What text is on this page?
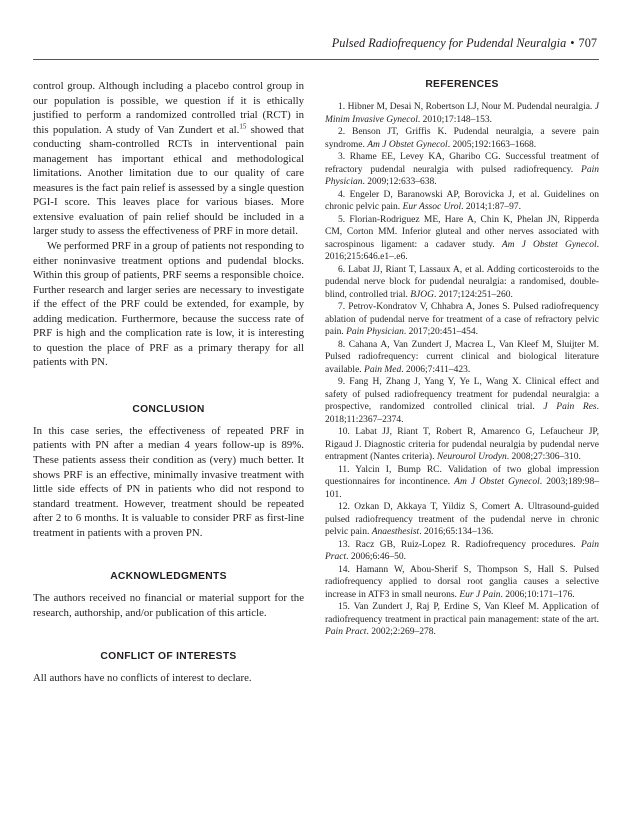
Pulsed Radiofrequency for Pudendal Neuralgia • 707

control group. Although including a placebo control group in our population is possible, we question if it is ethically justified to perform a randomized controlled trial (RCT) in this population. A study of Van Zundert et al.$^{15}$ showed that conducting sham-controlled RCTs in interventional pain management has important ethical and methodological limitations. Another limitation due to our quality of care measures is the fact pain relief is assessed by a single question PGI-I score. This leaves place for various biases. More extensive evaluation of pain relief should be included in a larger study to assess the effectiveness of PRF in more detail.

We performed PRF in a group of patients not responding to either noninvasive treatment options and pudendal blocks. Within this group of patients, PRF seems a responsible choice. Further research and larger series are necessary to investigate if the effect of the PRF could be extended, for example, by adding medication. Furthermore, because the success rate of PRF is high and the complication rate is low, it is interesting to question the place of PRF as a primary therapy for all patients with PN.

CONCLUSION

In this case series, the effectiveness of repeated PRF in patients with PN after a median 4 years follow-up is 89%. These patients assess their condition as (very) much better. It shows PRF is an effective, minimally invasive treatment with little side effects of PN in patients who did not respond to standard treatment. However, treatment should be repeated after 2 to 6 months. It is valuable to consider PRF as first-line treatment in patients with a proven PN.

ACKNOWLEDGMENTS

The authors received no financial or material support for the research, authorship, and/or publication of this article.

CONFLICT OF INTERESTS

All authors have no conflicts of interest to declare.

REFERENCES

1. Hibner M, Desai N, Robertson LJ, Nour M. Pudendal neuralgia. J Minim Invasive Gynecol. 2010;17:148–153.

2. Benson JT, Griffis K. Pudendal neuralgia, a severe pain syndrome. Am J Obstet Gynecol. 2005;192:1663–1668.

3. Rhame EE, Levey KA, Gharibo CG. Successful treatment of refractory pudendal neuralgia with pulsed radiofrequency. Pain Physician. 2009;12:633–638.

4. Engeler D, Baranowski AP, Borovicka J, et al. Guidelines on chronic pelvic pain. Eur Assoc Urol. 2014;1:87–97.

5. Florian-Rodriguez ME, Hare A, Chin K, Phelan JN, Ripperda CM, Corton MM. Inferior gluteal and other nerves associated with sacrospinous ligament: a cadaver study. Am J Obstet Gynecol. 2016;215:646.e1–.e6.

6. Labat JJ, Riant T, Lassaux A, et al. Adding corticosteroids to the pudendal nerve block for pudendal neuralgia: a randomised, double-blind, controlled trial. BJOG. 2017;124:251–260.

7. Petrov-Kondratov V, Chhabra A, Jones S. Pulsed radiofrequency ablation of pudendal nerve for treatment of a case of refractory pelvic pain. Pain Physician. 2017;20:451–454.

8. Cahana A, Van Zundert J, Macrea L, Van Kleef M, Sluijter M. Pulsed radiofrequency: current clinical and biological literature available. Pain Med. 2006;7:411–423.

9. Fang H, Zhang J, Yang Y, Ye L, Wang X. Clinical effect and safety of pulsed radiofrequency treatment for pudendal neuralgia: a prospective, randomized controlled clinical trial. J Pain Res. 2018;11:2367–2374.

10. Labat JJ, Riant T, Robert R, Amarenco G, Lefaucheur JP, Rigaud J. Diagnostic criteria for pudendal neuralgia by pudendal nerve entrapment (Nantes criteria). Neurourol Urodyn. 2008;27:306–310.

11. Yalcin I, Bump RC. Validation of two global impression questionnaires for incontinence. Am J Obstet Gynecol. 2003;189:98–101.

12. Ozkan D, Akkaya T, Yildiz S, Comert A. Ultrasound-guided pulsed radiofrequency treatment of the pudendal nerve in chronic pelvic pain. Anaesthesist. 2016;65:134–136.

13. Racz GB, Ruiz-Lopez R. Radiofrequency procedures. Pain Pract. 2006;6:46–50.

14. Hamann W, Abou-Sherif S, Thompson S, Hall S. Pulsed radiofrequency applied to dorsal root ganglia causes a selective increase in ATF3 in small neurons. Eur J Pain. 2006;10:171–176.

15. Van Zundert J, Raj P, Erdine S, Van Kleef M. Application of radiofrequency treatment in practical pain management: state of the art. Pain Pract. 2002;2:269–278.
